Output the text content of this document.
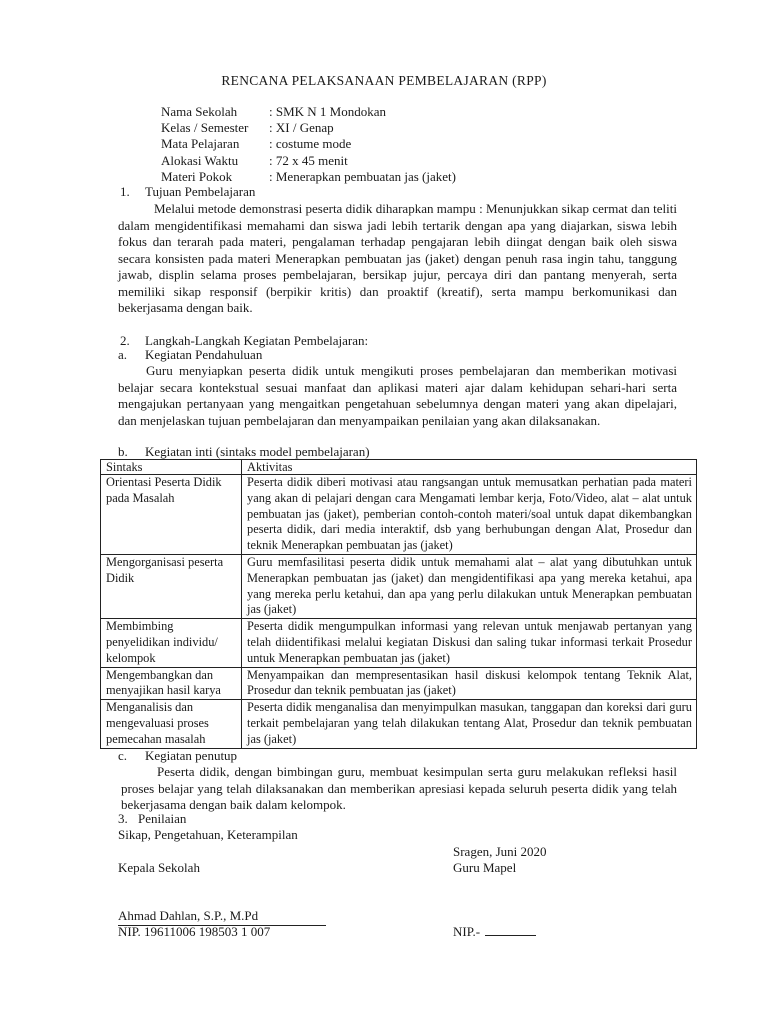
RENCANA PELAKSANAAN PEMBELAJARAN (RPP)
Nama Sekolah	: SMK N 1 Mondokan
Kelas / Semester	: XI / Genap
Mata Pelajaran	: costume mode
Alokasi Waktu	: 72 x 45 menit
Materi Pokok	: Menerapkan pembuatan jas (jaket)
1. Tujuan Pembelajaran
Melalui metode demonstrasi peserta didik diharapkan mampu : Menunjukkan sikap cermat dan teliti dalam mengidentifikasi memahami dan siswa jadi lebih tertarik dengan apa yang diajarkan, siswa lebih fokus dan terarah pada materi, pengalaman terhadap pengajaran lebih diingat dengan baik oleh siswa secara konsisten pada materi Menerapkan pembuatan jas (jaket) dengan penuh rasa ingin tahu, tanggung jawab, displin selama proses pembelajaran, bersikap jujur, percaya diri dan pantang menyerah, serta memiliki sikap responsif (berpikir kritis) dan proaktif (kreatif), serta mampu berkomunikasi dan bekerjasama dengan baik.
2. Langkah-Langkah Kegiatan Pembelajaran:
a. Kegiatan Pendahuluan
Guru menyiapkan peserta didik untuk mengikuti proses pembelajaran dan memberikan motivasi belajar secara kontekstual sesuai manfaat dan aplikasi materi ajar dalam kehidupan sehari-hari serta mengajukan pertanyaan yang mengaitkan pengetahuan sebelumnya dengan materi yang akan dipelajari, dan menjelaskan tujuan pembelajaran dan menyampaikan penilaian yang akan dilaksanakan.
b. Kegiatan inti (sintaks model pembelajaran)
Sintaks	Aktivitas
Orientasi Peserta Didik pada Masalah	Peserta didik diberi motivasi atau rangsangan untuk memusatkan perhatian pada materi yang akan di pelajari dengan cara Mengamati lembar kerja, Foto/Video, alat – alat untuk pembuatan jas (jaket), pemberian contoh-contoh materi/soal untuk dapat dikembangkan peserta didik, dari media interaktif, dsb yang berhubungan dengan Alat, Prosedur dan teknik Menerapkan pembuatan jas (jaket)
Mengorganisasi peserta Didik	Guru memfasilitasi peserta didik untuk memahami alat – alat yang dibutuhkan untuk Menerapkan pembuatan jas (jaket) dan mengidentifikasi apa yang mereka ketahui, apa yang mereka perlu ketahui, dan apa yang perlu dilakukan untuk Menerapkan pembuatan jas (jaket)
Membimbing penyelidikan individu/ kelompok	Peserta didik mengumpulkan informasi yang relevan untuk menjawab pertanyan yang telah diidentifikasi melalui kegiatan Diskusi dan saling tukar informasi terkait Prosedur untuk Menerapkan pembuatan jas (jaket)
Mengembangkan dan menyajikan hasil karya	Menyampaikan dan mempresentasikan hasil diskusi kelompok tentang Teknik Alat, Prosedur dan teknik pembuatan jas (jaket)
Menganalisis dan mengevaluasi proses pemecahan masalah	Peserta didik menganalisa dan menyimpulkan masukan, tanggapan dan koreksi dari guru terkait pembelajaran yang telah dilakukan tentang Alat, Prosedur dan teknik pembuatan jas (jaket)
c. Kegiatan penutup
Peserta didik, dengan bimbingan guru, membuat kesimpulan serta guru melakukan refleksi hasil proses belajar yang telah dilaksanakan dan memberikan apresiasi kepada seluruh peserta didik yang telah bekerjasama dengan baik dalam kelompok.
3. Penilaian
Sikap, Pengetahuan, Keterampilan
Sragen, Juni 2020
Kepala Sekolah	Guru Mapel
Ahmad Dahlan, S.P., M.Pd
NIP. 19611006 198503 1 007	NIP.-
